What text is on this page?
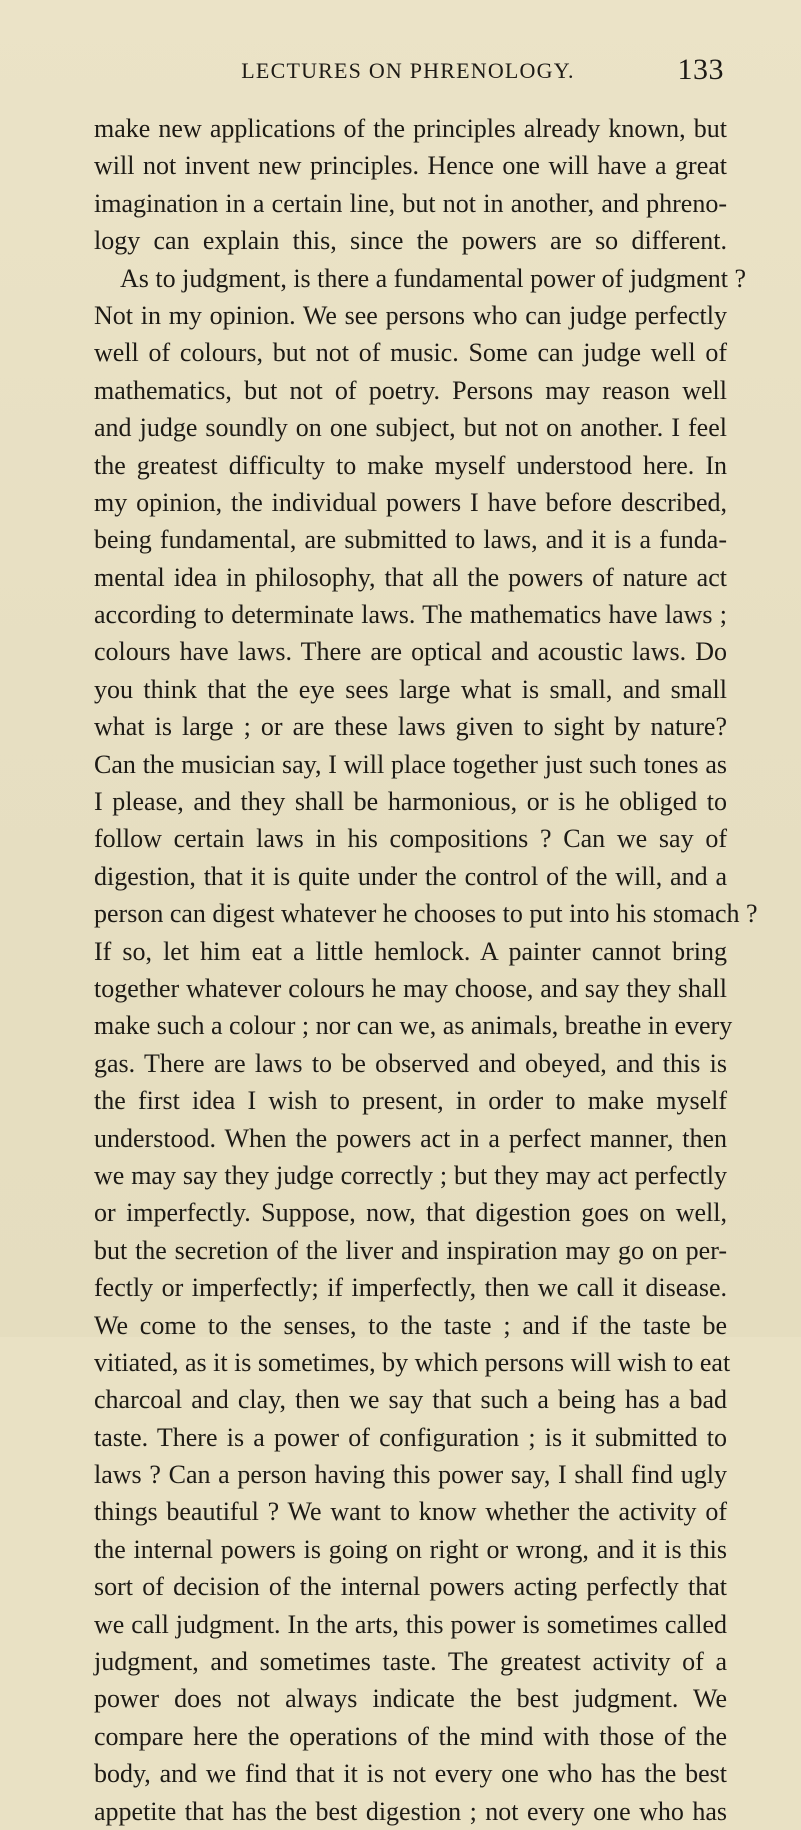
LECTURES ON PHRENOLOGY.	133
make new applications of the principles already known, but
will not invent new principles. Hence one will have a great
imagination in a certain line, but not in another, and phreno-
logy can explain this, since the powers are so different.
As to judgment, is there a fundamental power of judgment ?
Not in my opinion. We see persons who can judge perfectly
well of colours, but not of music. Some can judge well of
mathematics, but not of poetry. Persons may reason well
and judge soundly on one subject, but not on another. I feel
the greatest difficulty to make myself understood here. In
my opinion, the individual powers I have before described,
being fundamental, are submitted to laws, and it is a funda-
mental idea in philosophy, that all the powers of nature act
according to determinate laws. The mathematics have laws ;
colours have laws. There are optical and acoustic laws. Do
you think that the eye sees large what is small, and small
what is large ; or are these laws given to sight by nature?
Can the musician say, I will place together just such tones as
I please, and they shall be harmonious, or is he obliged to
follow certain laws in his compositions ? Can we say of
digestion, that it is quite under the control of the will, and a
person can digest whatever he chooses to put into his stomach ?
If so, let him eat a little hemlock. A painter cannot bring
together whatever colours he may choose, and say they shall
make such a colour ; nor can we, as animals, breathe in every
gas. There are laws to be observed and obeyed, and this is
the first idea I wish to present, in order to make myself
understood. When the powers act in a perfect manner, then
we may say they judge correctly ; but they may act perfectly
or imperfectly. Suppose, now, that digestion goes on well,
but the secretion of the liver and inspiration may go on per-
fectly or imperfectly; if imperfectly, then we call it disease.
We come to the senses, to the taste ; and if the taste be
vitiated, as it is sometimes, by which persons will wish to eat
charcoal and clay, then we say that such a being has a bad
taste. There is a power of configuration ; is it submitted to
laws ? Can a person having this power say, I shall find ugly
things beautiful ? We want to know whether the activity of
the internal powers is going on right or wrong, and it is this
sort of decision of the internal powers acting perfectly that
we call judgment. In the arts, this power is sometimes called
judgment, and sometimes taste. The greatest activity of a
power does not always indicate the best judgment. We
compare here the operations of the mind with those of the
body, and we find that it is not every one who has the best
appetite that has the best digestion ; not every one who has
